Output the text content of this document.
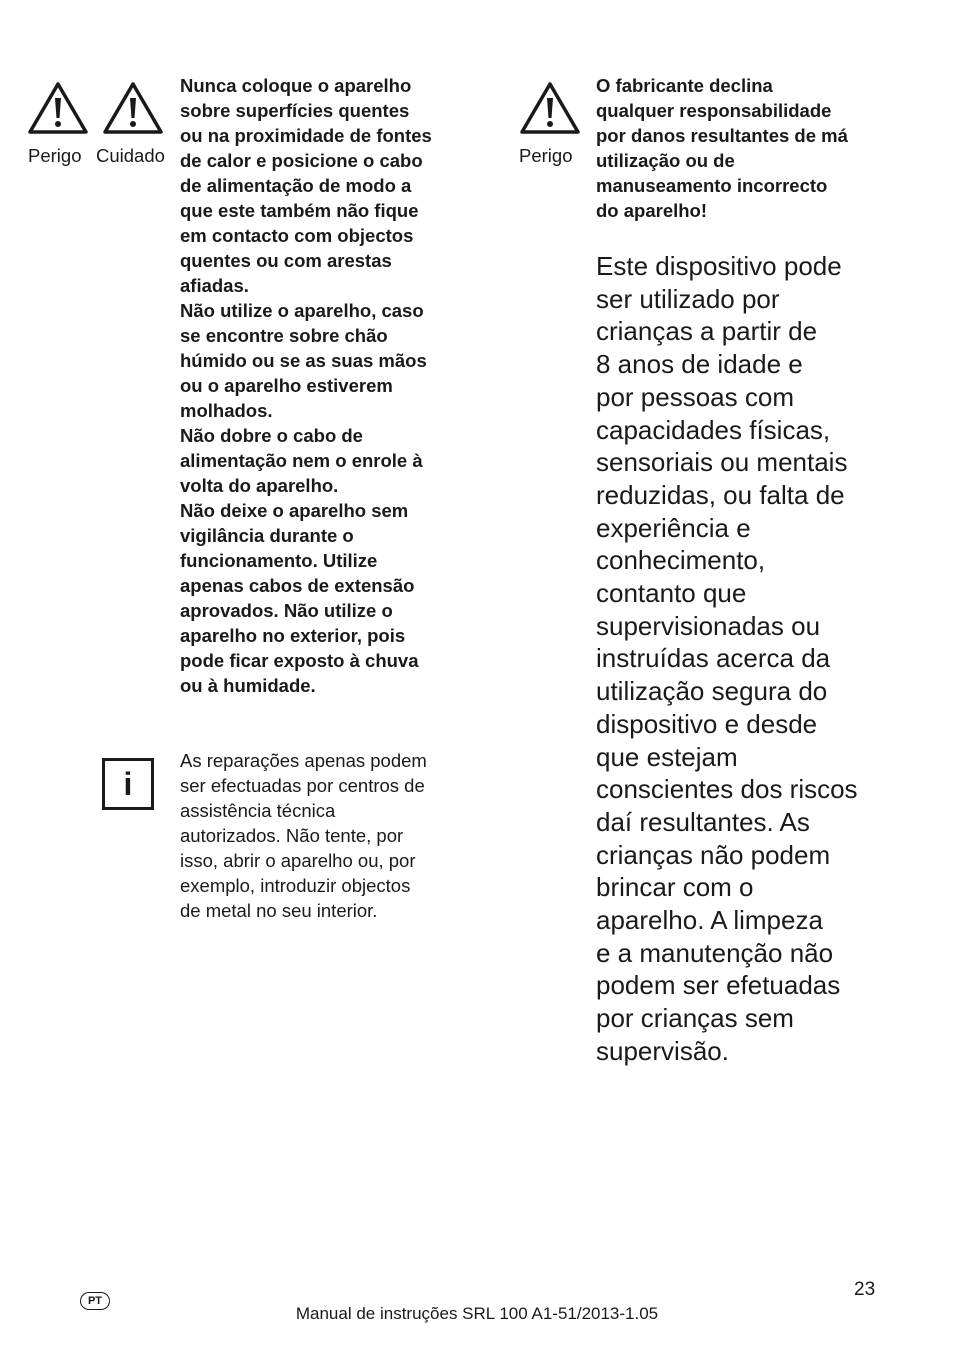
Perigo Cuidado

Nunca coloque o aparelho

sobre superfícies quentes

ou na proximidade de fontes

de calor e posicione o cabo

de alimentação de modo a

que este também não fique

em contacto com objectos

quentes ou com arestas

afiadas.

Não utilize o aparelho, caso

se encontre sobre chão

húmido ou se as suas mãos

ou o aparelho estiverem

molhados.

Não dobre o cabo de

alimentação nem o enrole à

volta do aparelho.

Não deixe o aparelho sem

vigilância durante o

funcionamento. Utilize

apenas cabos de extensão

aprovados. Não utilize o

aparelho no exterior, pois

pode ficar exposto à chuva

ou à humidade.

i

As reparações apenas podem

ser efectuadas por centros de

assistência técnica

autorizados. Não tente, por

isso, abrir o aparelho ou, por

exemplo, introduzir objectos

de metal no seu interior.

Perigo

O fabricante declina

qualquer responsabilidade

por danos resultantes de má

utilização ou de

manuseamento incorrecto

do aparelho!

Este dispositivo pode

ser utilizado por

crianças a partir de

8 anos de idade e

por pessoas com

capacidades físicas,

sensoriais ou mentais

reduzidas, ou falta de

experiência e

conhecimento,

contanto que

supervisionadas ou

instruídas acerca da

utilização segura do

dispositivo e desde

que estejam

conscientes dos riscos

daí resultantes. As

crianças não podem

brincar com o

aparelho. A limpeza

e a manutenção não

podem ser efetuadas

por crianças sem

supervisão.

PT
23
Manual de instruções SRL 100 A1-51/2013-1.05
